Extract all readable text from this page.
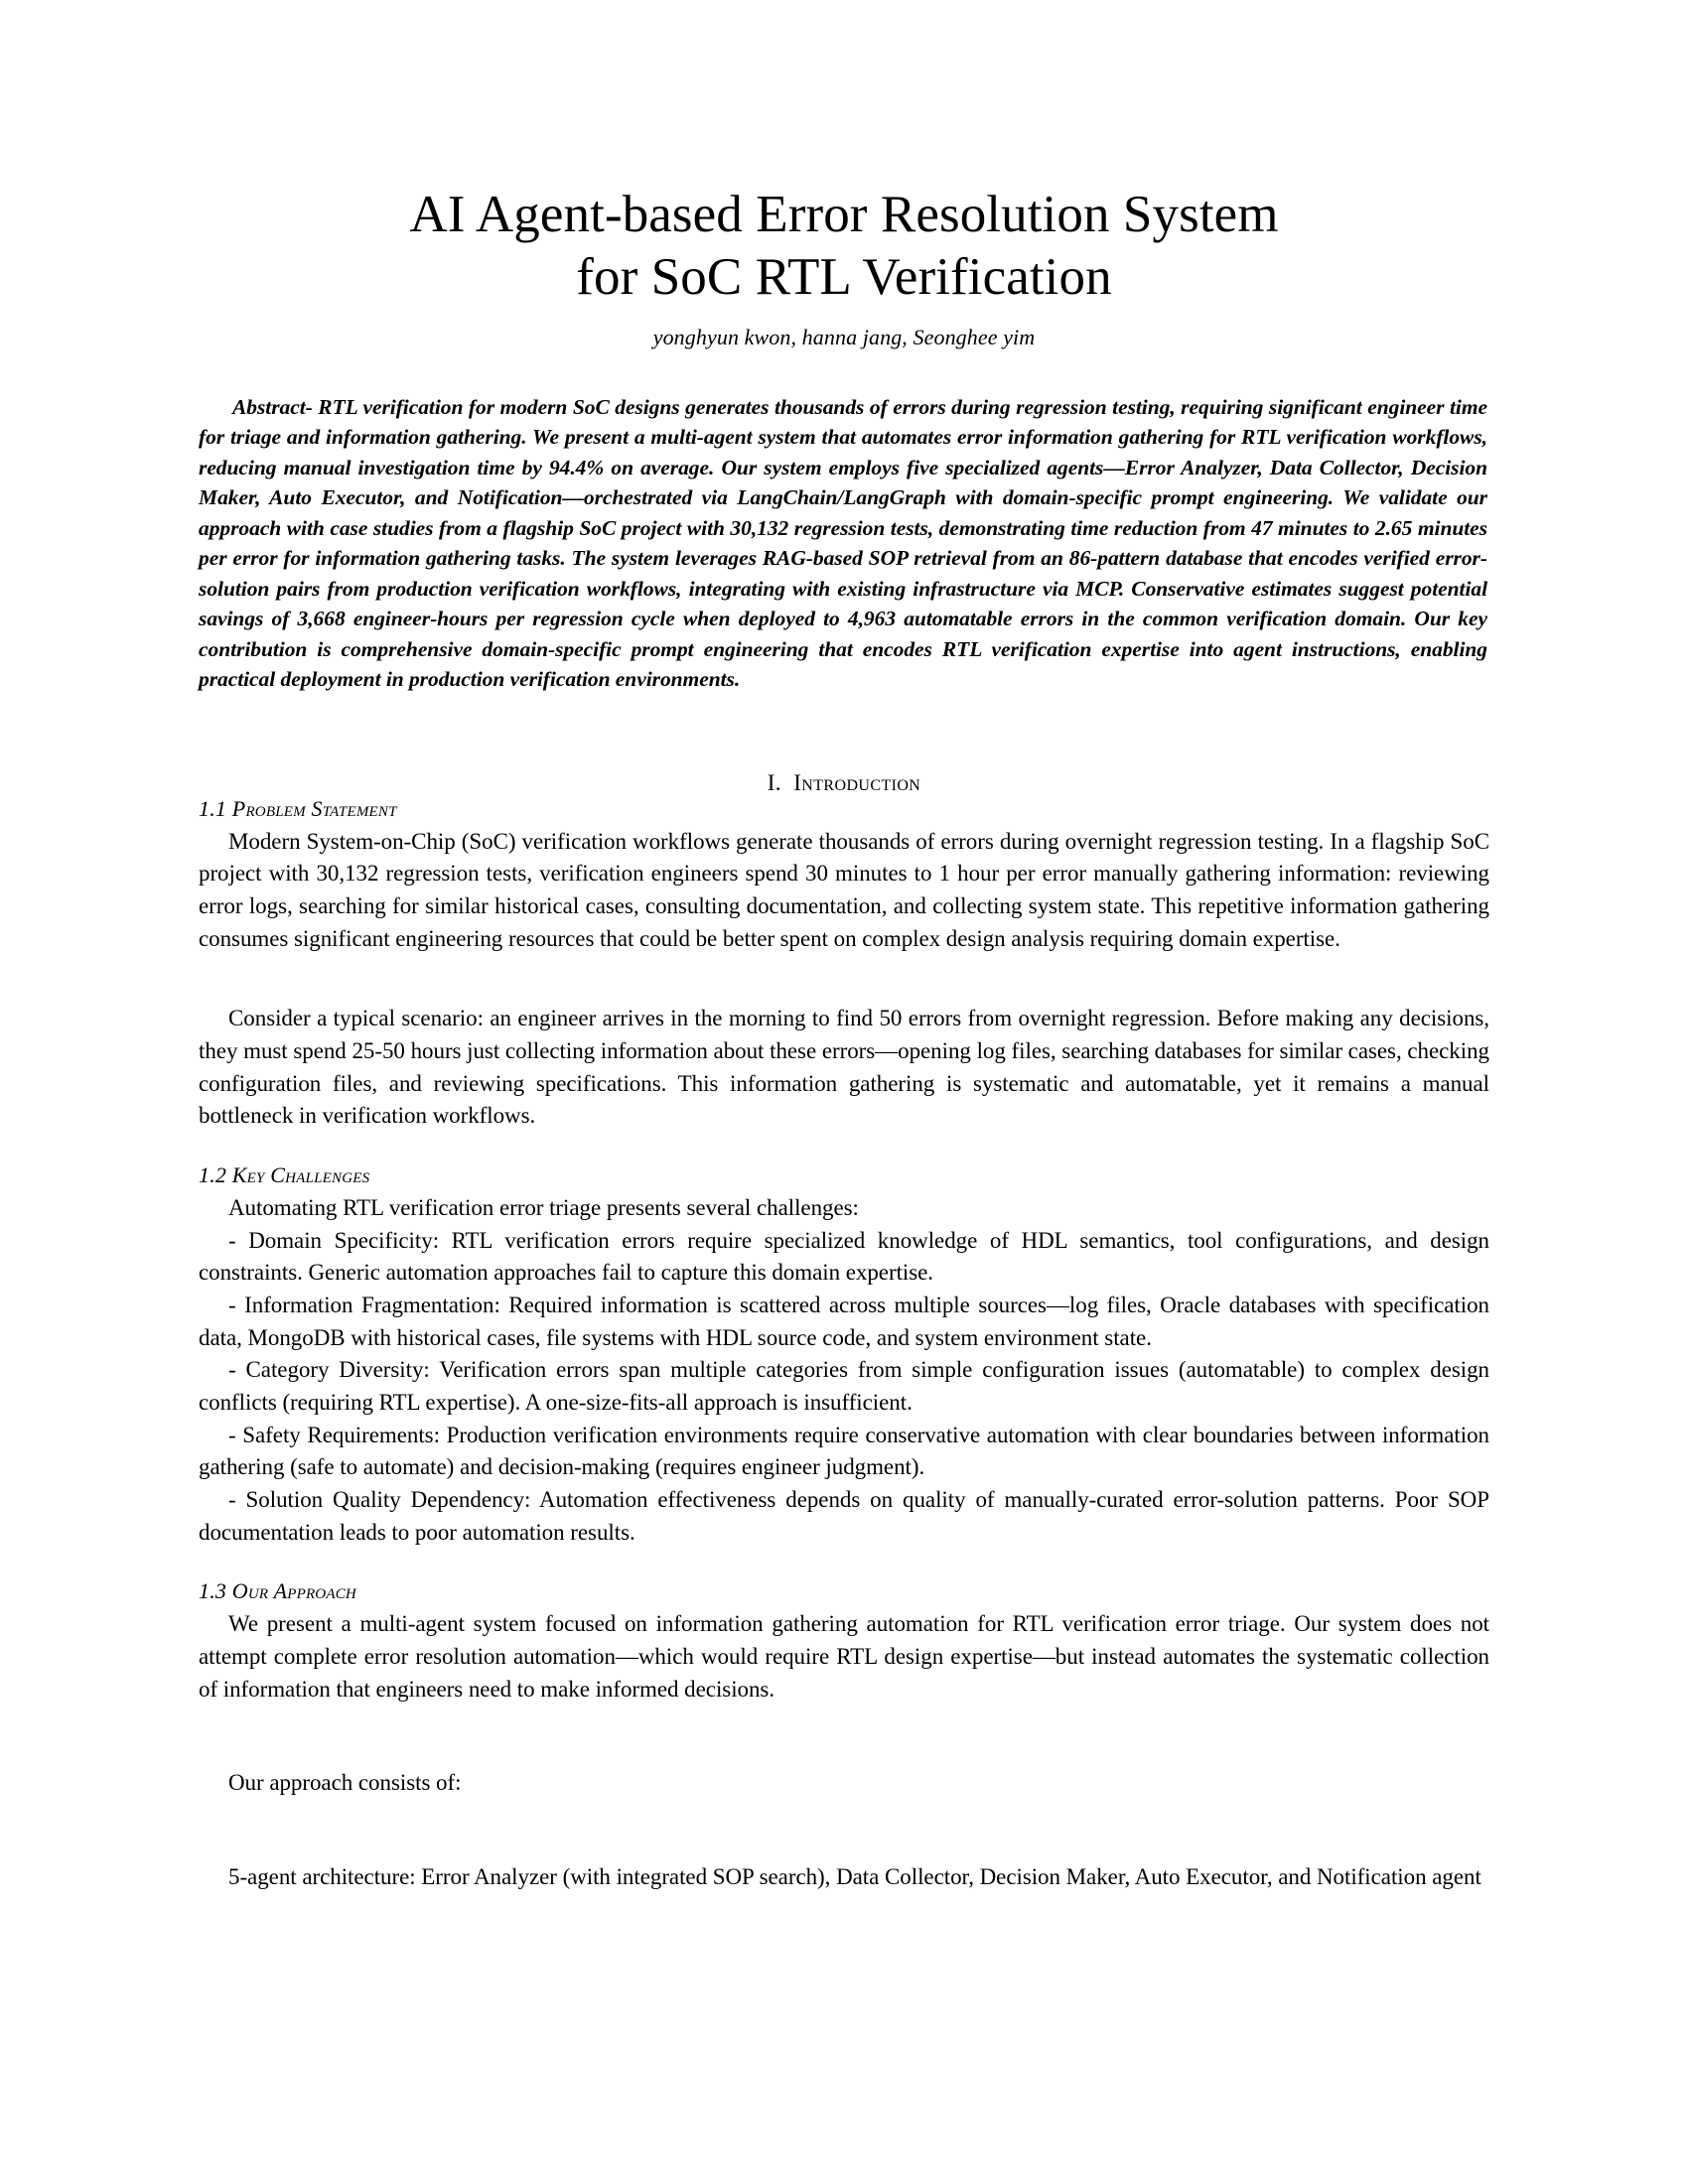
AI Agent-based Error Resolution System
for SoC RTL Verification
yonghyun kwon, hanna jang, Seonghee yim
Abstract- RTL verification for modern SoC designs generates thousands of errors during regression testing, requiring significant engineer time for triage and information gathering. We present a multi-agent system that automates error information gathering for RTL verification workflows, reducing manual investigation time by 94.4% on average. Our system employs five specialized agents—Error Analyzer, Data Collector, Decision Maker, Auto Executor, and Notification—orchestrated via LangChain/LangGraph with domain-specific prompt engineering. We validate our approach with case studies from a flagship SoC project with 30,132 regression tests, demonstrating time reduction from 47 minutes to 2.65 minutes per error for information gathering tasks. The system leverages RAG-based SOP retrieval from an 86-pattern database that encodes verified error-solution pairs from production verification workflows, integrating with existing infrastructure via MCP. Conservative estimates suggest potential savings of 3,668 engineer-hours per regression cycle when deployed to 4,963 automatable errors in the common verification domain. Our key contribution is comprehensive domain-specific prompt engineering that encodes RTL verification expertise into agent instructions, enabling practical deployment in production verification environments.
I. Introduction
1.1 Problem Statement

Modern System-on-Chip (SoC) verification workflows generate thousands of errors during overnight regression testing. In a flagship SoC project with 30,132 regression tests, verification engineers spend 30 minutes to 1 hour per error manually gathering information: reviewing error logs, searching for similar historical cases, consulting documentation, and collecting system state. This repetitive information gathering consumes significant engineering resources that could be better spent on complex design analysis requiring domain expertise.

Consider a typical scenario: an engineer arrives in the morning to find 50 errors from overnight regression. Before making any decisions, they must spend 25-50 hours just collecting information about these errors—opening log files, searching databases for similar cases, checking configuration files, and reviewing specifications. This information gathering is systematic and automatable, yet it remains a manual bottleneck in verification workflows.

1.2 Key Challenges

Automating RTL verification error triage presents several challenges:

- Domain Specificity: RTL verification errors require specialized knowledge of HDL semantics, tool configurations, and design constraints. Generic automation approaches fail to capture this domain expertise.

- Information Fragmentation: Required information is scattered across multiple sources—log files, Oracle databases with specification data, MongoDB with historical cases, file systems with HDL source code, and system environment state.

- Category Diversity: Verification errors span multiple categories from simple configuration issues (automatable) to complex design conflicts (requiring RTL expertise). A one-size-fits-all approach is insufficient.

- Safety Requirements: Production verification environments require conservative automation with clear boundaries between information gathering (safe to automate) and decision-making (requires engineer judgment).

- Solution Quality Dependency: Automation effectiveness depends on quality of manually-curated error-solution patterns. Poor SOP documentation leads to poor automation results.

1.3 Our Approach

We present a multi-agent system focused on information gathering automation for RTL verification error triage. Our system does not attempt complete error resolution automation—which would require RTL design expertise—but instead automates the systematic collection of information that engineers need to make informed decisions.

Our approach consists of:

5-agent architecture: Error Analyzer (with integrated SOP search), Data Collector, Decision Maker, Auto Executor, and Notification agent
